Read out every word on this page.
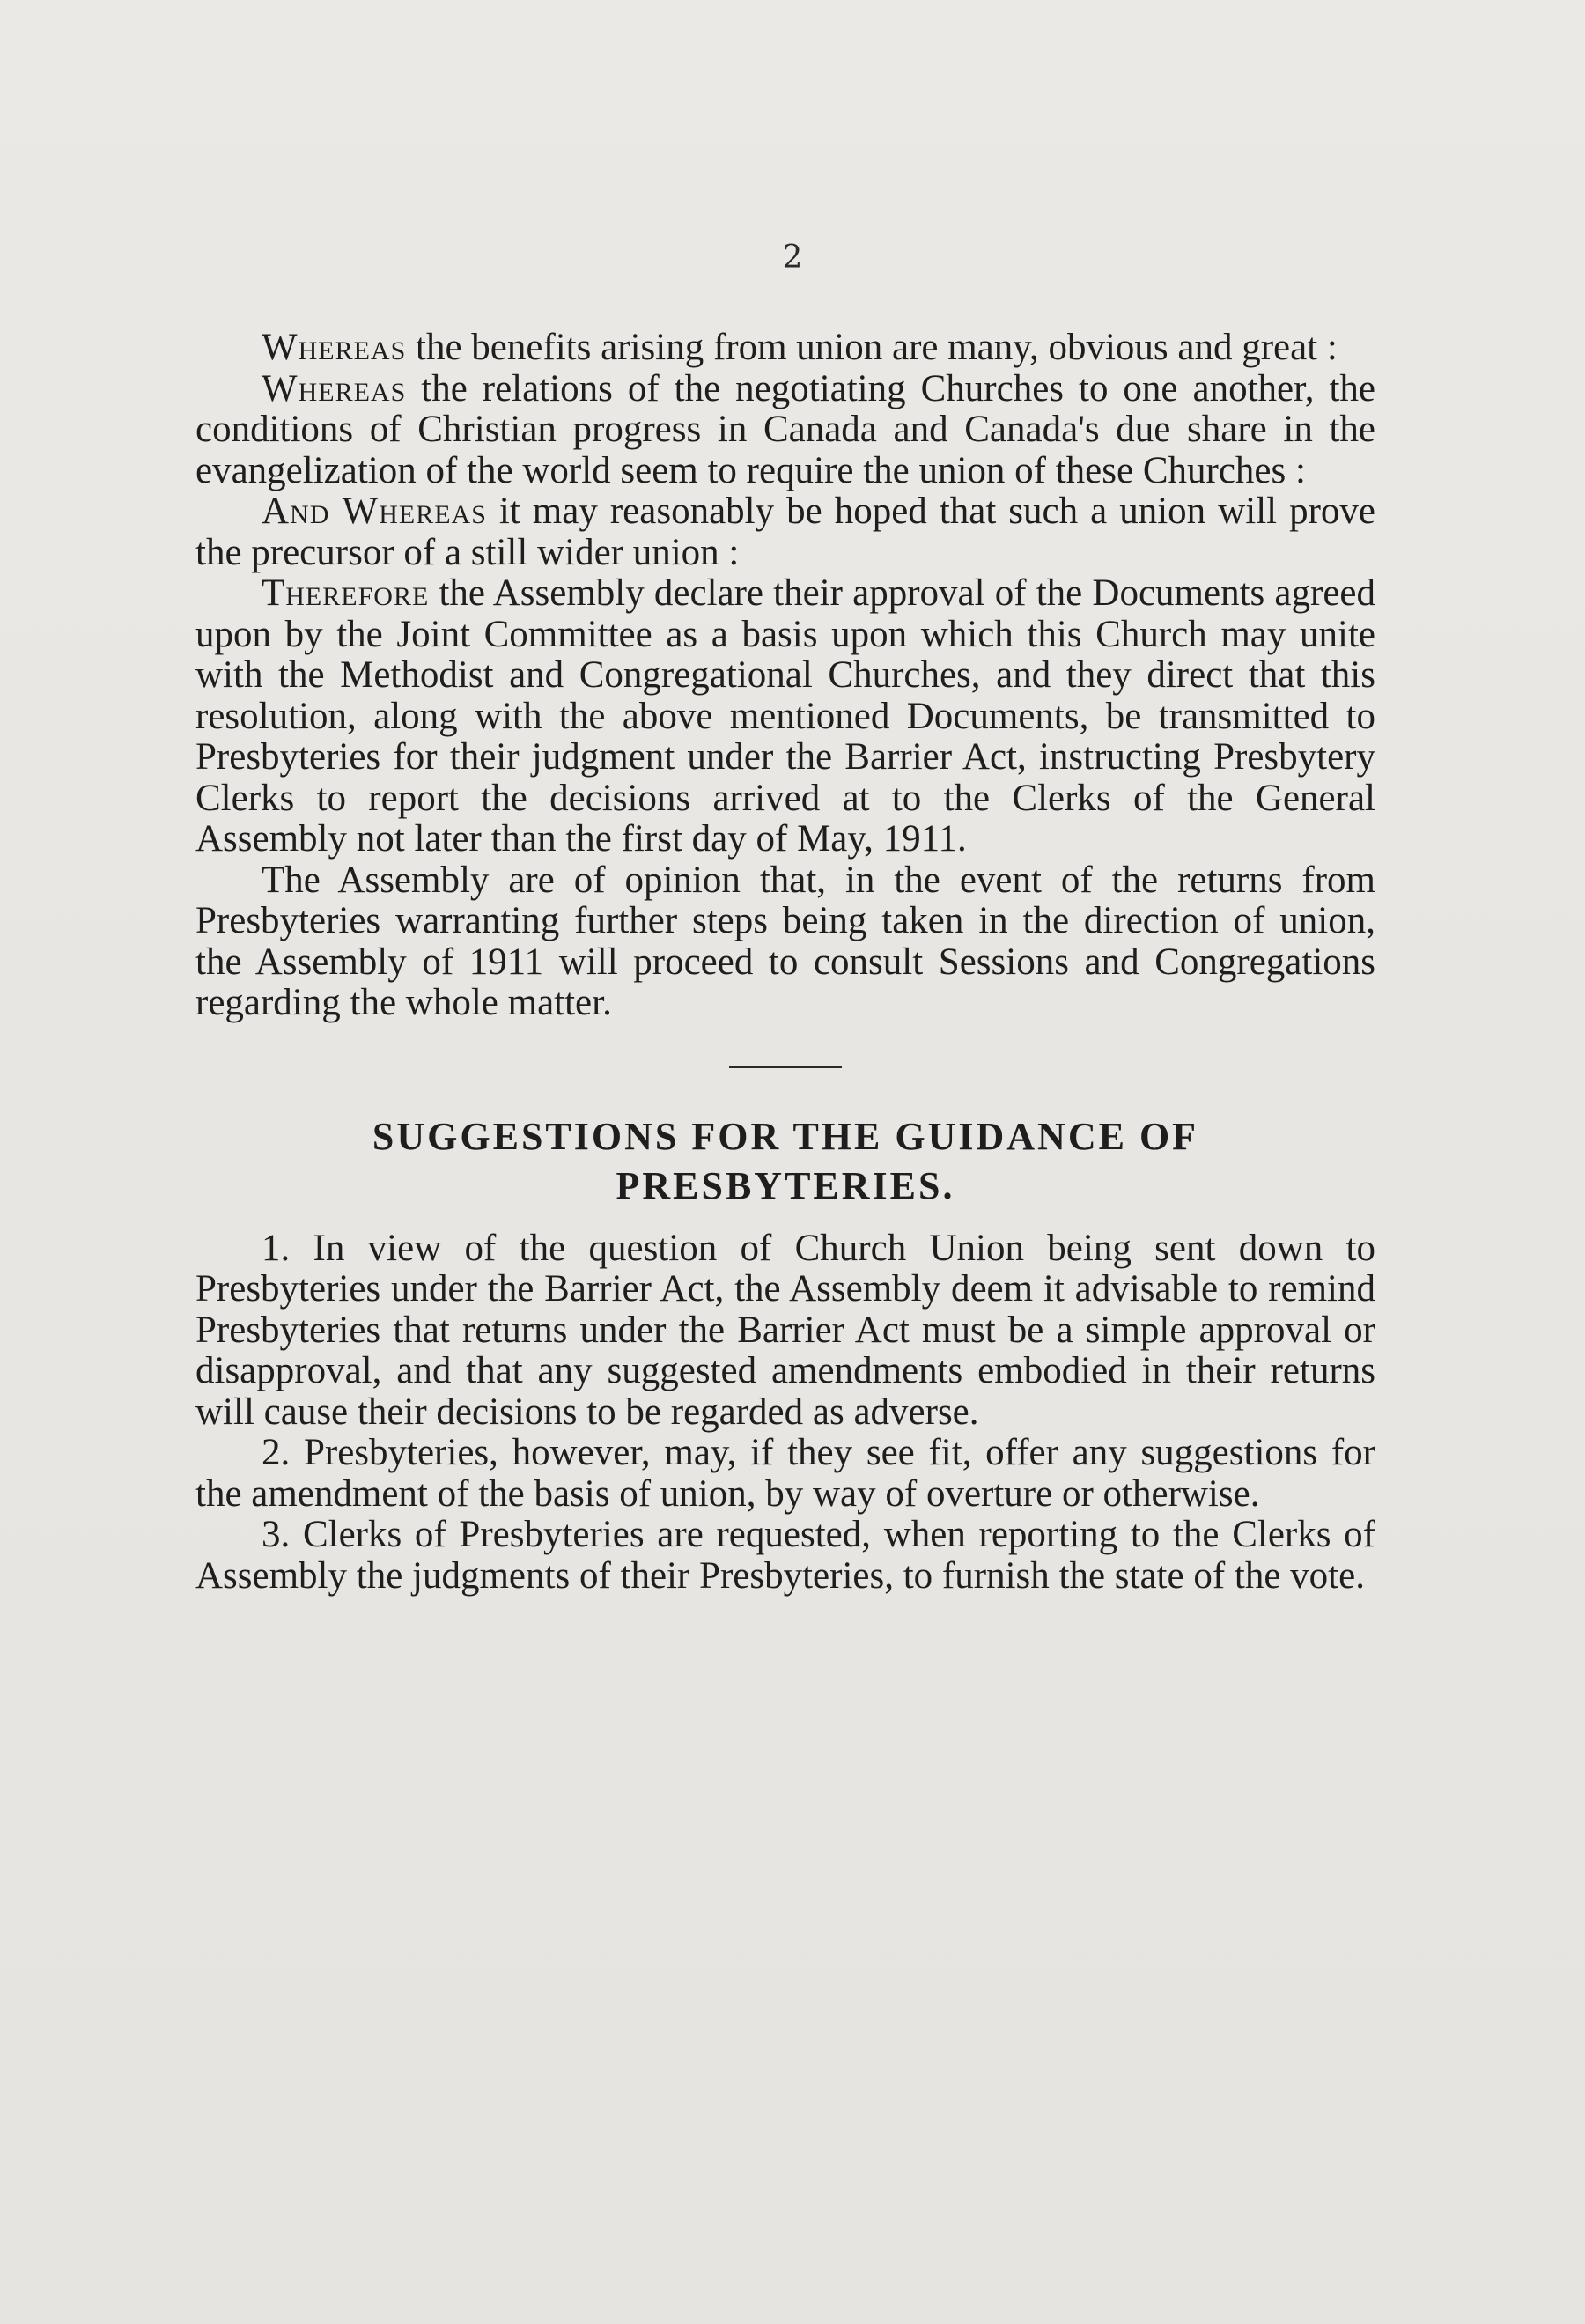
2

Whereas the benefits arising from union are many, obvious and great :

Whereas the relations of the negotiating Churches to one another, the conditions of Christian progress in Canada and Canada's due share in the evangelization of the world seem to require the union of these Churches :

And Whereas it may reasonably be hoped that such a union will prove the precursor of a still wider union :

Therefore the Assembly declare their approval of the Documents agreed upon by the Joint Committee as a basis upon which this Church may unite with the Methodist and Congregational Churches, and they direct that this resolution, along with the above mentioned Documents, be transmitted to Presbyteries for their judgment under the Barrier Act, instructing Presbytery Clerks to report the decisions arrived at to the Clerks of the General Assembly not later than the first day of May, 1911.

The Assembly are of opinion that, in the event of the returns from Presbyteries warranting further steps being taken in the direction of union, the Assembly of 1911 will proceed to consult Sessions and Congregations regarding the whole matter.

SUGGESTIONS FOR THE GUIDANCE OF
PRESBYTERIES.

1. In view of the question of Church Union being sent down to Presbyteries under the Barrier Act, the Assembly deem it advisable to remind Presbyteries that returns under the Barrier Act must be a simple approval or disapproval, and that any suggested amendments embodied in their returns will cause their decisions to be regarded as adverse.

2. Presbyteries, however, may, if they see fit, offer any suggestions for the amendment of the basis of union, by way of overture or otherwise.

3. Clerks of Presbyteries are requested, when reporting to the Clerks of Assembly the judgments of their Presbyteries, to furnish the state of the vote.
